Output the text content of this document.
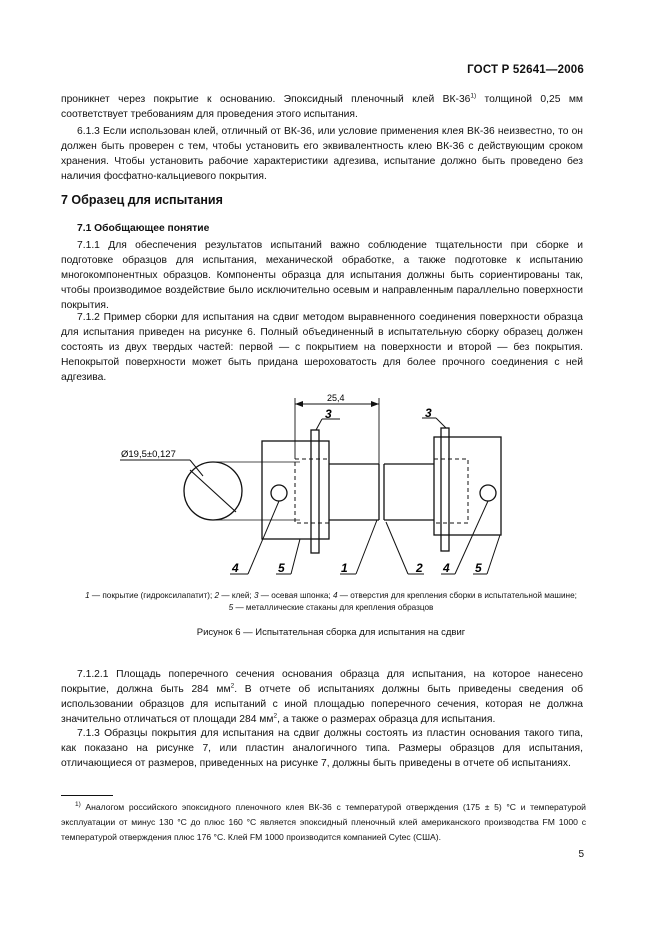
ГОСТ Р 52641—2006

проникнет через покрытие к основанию. Эпоксидный пленочный клей ВК-36$^{1)}$ толщиной 0,25 мм соответствует требованиям для проведения этого испытания.

6.1.3 Если использован клей, отличный от ВК-36, или условие применения клея ВК-36 неизвестно, то он должен быть проверен с тем, чтобы установить его эквивалентность клею ВК-36 с действующим сроком хранения. Чтобы установить рабочие характеристики адгезива, испытание должно быть проведено без наличия фосфатно-кальциевого покрытия.

7 Образец для испытания
7.1 Обобщающее понятие

7.1.1 Для обеспечения результатов испытаний важно соблюдение тщательности при сборке и подготовке образцов для испытания, механической обработке, а также подготовке к испытанию многокомпонентных образцов. Компоненты образца для испытания должны быть сориентированы так, чтобы производимое воздействие было исключительно осевым и направленным параллельно поверхности покрытия.

7.1.2 Пример сборки для испытания на сдвиг методом выравненного соединения поверхности образца для испытания приведен на рисунке 6. Полный объединенный в испытательную сборку образец должен состоять из двух твердых частей: первой — с покрытием на поверхности и второй — без покрытия. Непокрытой поверхности может быть придана шероховатость для более прочного соединения с ней адгезива.

25,4
Ø19,5±0,127
3	3
4	5	1	2 4 5
1 — покрытие (гидроксилапатит); 2 — клей; 3 — осевая шпонка; 4 — отверстия для крепления сборки в испытательной машине;
5 — металлические стаканы для крепления образцов
Рисунок 6 — Испытательная сборка для испытания на сдвиг

7.1.2.1 Площадь поперечного сечения основания образца для испытания, на которое нанесено покрытие, должна быть 284 $мм^2$. В отчете об испытаниях должны быть приведены сведения об использовании образцов для испытаний с иной площадью поперечного сечения, которая не должна значительно отличаться от площади 284 $мм^2$, а также о размерах образца для испытания.

7.1.3 Образцы покрытия для испытания на сдвиг должны состоять из пластин основания такого типа, как показано на рисунке 7, или пластин аналогичного типа. Размеры образцов для испытания, отличающиеся от размеров, приведенных на рисунке 7, должны быть приведены в отчете об испытаниях.

$^{1)}$ Аналогом российского эпоксидного пленочного клея ВК-36 с температурой отверждения (175 ± 5) °С и температурой эксплуатации от минус 130 °С до плюс 160 °С является эпоксидный пленочный клей американского производства FM 1000 с температурой отверждения плюс 176 °С. Клей FM 1000 производится компанией Cytec (США).
5
